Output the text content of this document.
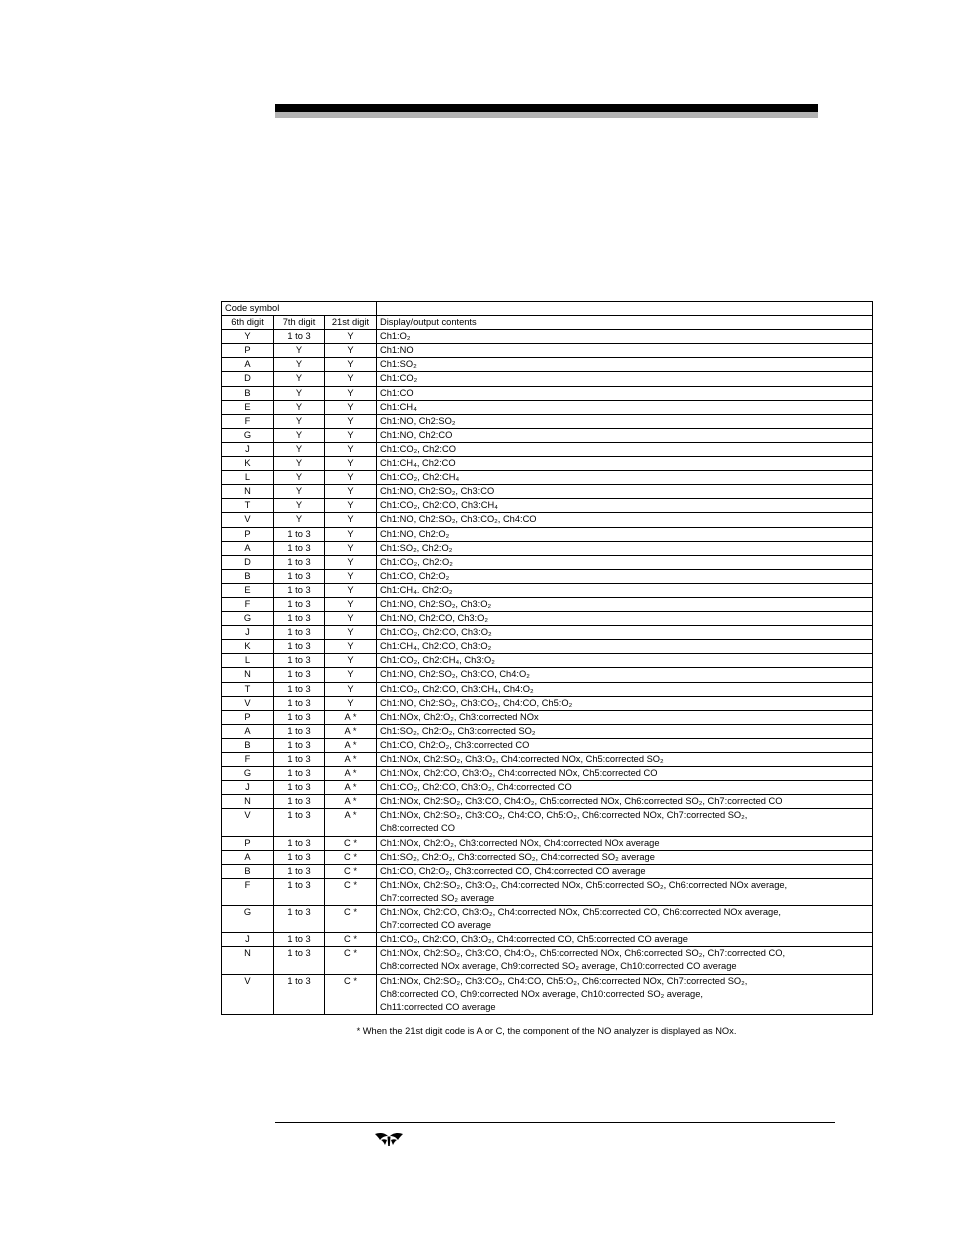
Code symbol			
6th digit	7th digit	21st digit	Display/output contents
Y	1 to 3	Y	Ch1:O₂

P	Y	Y	Ch1:NO

A	Y	Y	Ch1:SO₂

D	Y	Y	Ch1:CO₂

B	Y	Y	Ch1:CO

E	Y	Y	Ch1:CH₄

F	Y	Y	Ch1:NO, Ch2:SO₂

G	Y	Y	Ch1:NO, Ch2:CO

J	Y	Y	Ch1:CO₂, Ch2:CO

K	Y	Y	Ch1:CH₄, Ch2:CO

L	Y	Y	Ch1:CO₂, Ch2:CH₄

N	Y	Y	Ch1:NO, Ch2:SO₂, Ch3:CO

T	Y	Y	Ch1:CO₂, Ch2:CO, Ch3:CH₄

V	Y	Y	Ch1:NO, Ch2:SO₂, Ch3:CO₂, Ch4:CO

P	1 to 3	Y	Ch1:NO, Ch2:O₂

A	1 to 3	Y	Ch1:SO₂, Ch2:O₂

D	1 to 3	Y	Ch1:CO₂, Ch2:O₂

B	1 to 3	Y	Ch1:CO, Ch2:O₂

E	1 to 3	Y	Ch1:CH₄. Ch2:O₂

F	1 to 3	Y	Ch1:NO, Ch2:SO₂, Ch3:O₂

G	1 to 3	Y	Ch1:NO, Ch2:CO, Ch3:O₂

J	1 to 3	Y	Ch1:CO₂, Ch2:CO, Ch3:O₂

K	1 to 3	Y	Ch1:CH₄, Ch2:CO, Ch3:O₂

L	1 to 3	Y	Ch1:CO₂, Ch2:CH₄, Ch3:O₂

N	1 to 3	Y	Ch1:NO, Ch2:SO₂, Ch3:CO, Ch4:O₂

T	1 to 3	Y	Ch1:CO₂, Ch2:CO, Ch3:CH₄, Ch4:O₂

V	1 to 3	Y	Ch1:NO, Ch2:SO₂, Ch3:CO₂, Ch4:CO, Ch5:O₂

P	1 to 3	A *	Ch1:NOx, Ch2:O₂, Ch3:corrected NOx

A	1 to 3	A *	Ch1:SO₂, Ch2:O₂, Ch3:corrected SO₂

B	1 to 3	A *	Ch1:CO, Ch2:O₂, Ch3:corrected CO

F	1 to 3	A *	Ch1:NOx, Ch2:SO₂, Ch3:O₂, Ch4:corrected NOx, Ch5:corrected SO₂

G	1 to 3	A *	Ch1:NOx, Ch2:CO, Ch3:O₂, Ch4:corrected NOx, Ch5:corrected CO

J	1 to 3	A *	Ch1:CO₂, Ch2:CO, Ch3:O₂, Ch4:corrected CO

N	1 to 3	A *	Ch1:NOx, Ch2:SO₂, Ch3:CO, Ch4:O₂, Ch5:corrected NOx, Ch6:corrected SO₂, Ch7:corrected CO

V	1 to 3	A *	Ch1:NOx, Ch2:SO₂, Ch3:CO₂, Ch4:CO, Ch5:O₂, Ch6:corrected NOx, Ch7:corrected SO₂,
Ch8:corrected CO

P	1 to 3	C *	Ch1:NOx, Ch2:O₂, Ch3:corrected NOx, Ch4:corrected NOx average

A	1 to 3	C *	Ch1:SO₂, Ch2:O₂, Ch3:corrected SO₂, Ch4:corrected SO₂ average

B	1 to 3	C *	Ch1:CO, Ch2:O₂, Ch3:corrected CO, Ch4:corrected CO average

F	1 to 3	C *	Ch1:NOx, Ch2:SO₂, Ch3:O₂, Ch4:corrected NOx, Ch5:corrected SO₂, Ch6:corrected NOx average,
Ch7:corrected SO₂ average

G	1 to 3	C *	Ch1:NOx, Ch2:CO, Ch3:O₂, Ch4:corrected NOx, Ch5:corrected CO, Ch6:corrected NOx average,
Ch7:corrected CO average

J	1 to 3	C *	Ch1:CO₂, Ch2:CO, Ch3:O₂, Ch4:corrected CO, Ch5:corrected CO average

N	1 to 3	C *	Ch1:NOx, Ch2:SO₂, Ch3:CO, Ch4:O₂, Ch5:corrected NOx, Ch6:corrected SO₂, Ch7:corrected CO,
Ch8:corrected NOx average, Ch9:corrected SO₂ average, Ch10:corrected CO average

V	1 to 3	C *	Ch1:NOx, Ch2:SO₂, Ch3:CO₂, Ch4:CO, Ch5:O₂, Ch6:corrected NOx, Ch7:corrected SO₂,
Ch8:corrected CO, Ch9:corrected NOx average, Ch10:corrected SO₂ average,
Ch11:corrected CO average
* When the 21st digit code is A or C, the component of the NO analyzer is displayed as NOx.
